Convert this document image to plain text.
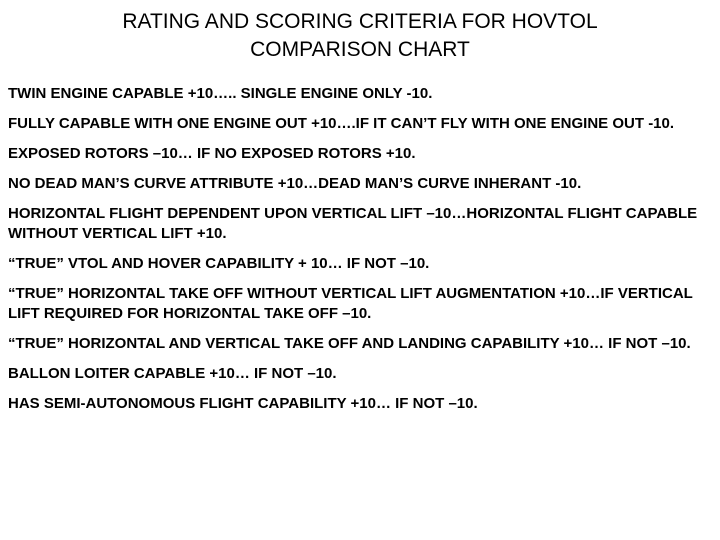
RATING AND SCORING CRITERIA FOR HOVTOL
COMPARISON CHART
TWIN ENGINE CAPABLE +10….. SINGLE ENGINE ONLY -10.
FULLY CAPABLE WITH ONE ENGINE OUT +10….IF IT CAN’T FLY WITH ONE ENGINE OUT -10.
EXPOSED ROTORS –10… IF NO EXPOSED ROTORS +10.
NO DEAD MAN’S CURVE ATTRIBUTE +10…DEAD MAN’S CURVE INHERANT -10.
HORIZONTAL FLIGHT DEPENDENT UPON VERTICAL LIFT –10…HORIZONTAL FLIGHT CAPABLE WITHOUT VERTICAL LIFT +10.
“TRUE” VTOL AND HOVER CAPABILITY + 10… IF NOT –10.
“TRUE” HORIZONTAL TAKE OFF WITHOUT VERTICAL LIFT AUGMENTATION +10…IF VERTICAL LIFT REQUIRED FOR HORIZONTAL TAKE OFF –10.
“TRUE” HORIZONTAL AND VERTICAL TAKE OFF AND LANDING CAPABILITY +10… IF NOT –10.
BALLON LOITER CAPABLE +10… IF NOT –10.
HAS SEMI-AUTONOMOUS FLIGHT CAPABILITY +10… IF NOT –10.
